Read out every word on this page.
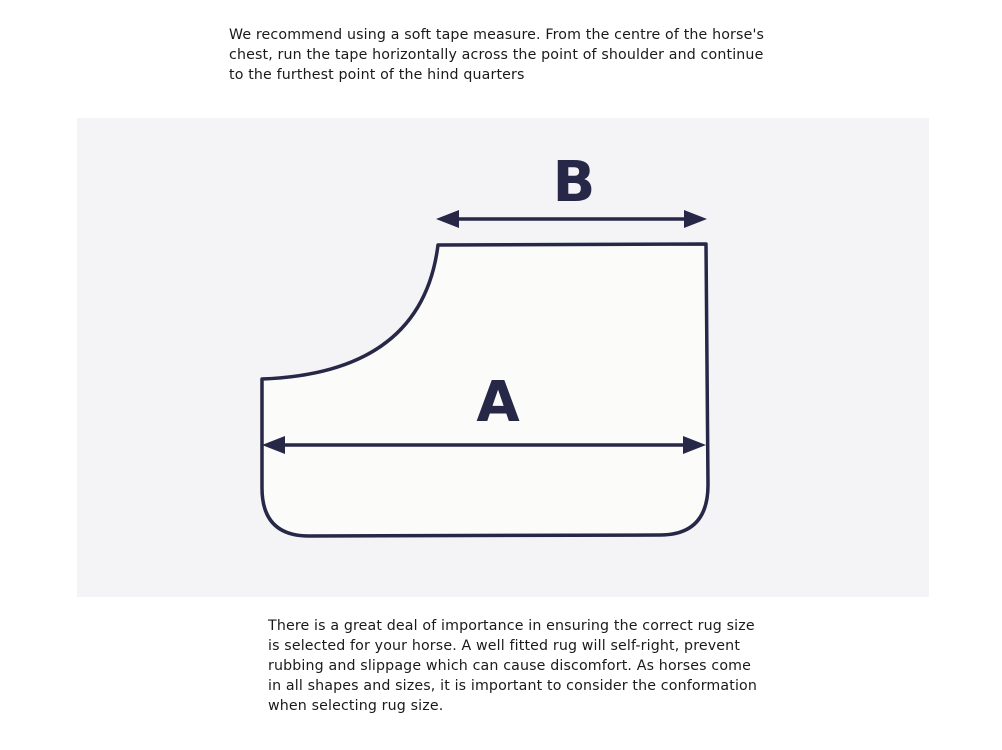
We recommend using a soft tape measure. From the centre of the horse's
chest, run the tape horizontally across the point of shoulder and continue
to the furthest point of the hind quarters

B
A

There is a great deal of importance in ensuring the correct rug size
is selected for your horse. A well fitted rug will self-right, prevent
rubbing and slippage which can cause discomfort. As horses come
in all shapes and sizes, it is important to consider the conformation
when selecting rug size.
